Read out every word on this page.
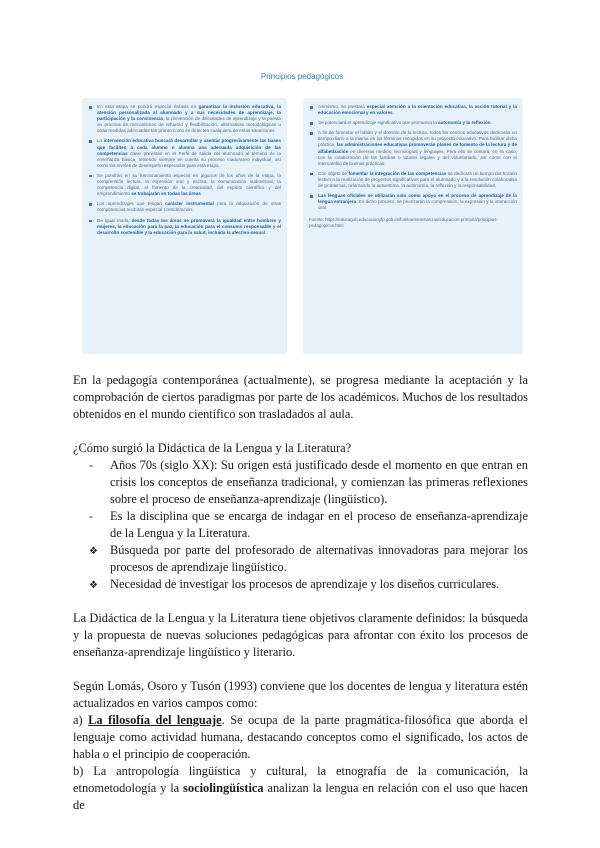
Principios pedagógicos
En esta etapa se pondrá especial énfasis en garantizar la inclusión educativa, la atención personalizada al alumnado y a sus necesidades de aprendizaje, la participación y la convivencia, la prevención de dificultades de aprendizaje y la puesta en práctica de mecanismos de refuerzo y flexibilización, alternativas metodológicas u otras medidas adecuadas tan pronto como se detecten cualquiera de estas situaciones.
La intervención educativa buscará desarrollar y asentar progresivamente las bases que faciliten a cada alumno o alumna una adecuada adquisición de las competencias clave previstas en el Perfil de salida del alumnado al término de la enseñanza básica, teniendo siempre en cuenta su proceso madurativo individual, así como los niveles de desempeño esperados para esta etapa.
Se pondrán en su funcionamiento especial en algunos de los años de la etapa, la comprensión lectora, la expresión oral y escrita, la comunicación audiovisual, la competencia digital, el fomento de la creatividad, del espíritu científico y del emprendimiento se trabajarán en todas las áreas.
Los aprendizajes que tengan carácter instrumental para la adquisición de otras competencias recibirán especial consideración.
De igual modo, desde todas las áreas se promoverá la igualdad entre hombres y mujeres, la educación para la paz, la educación para el consumo responsable y el desarrollo sostenible y la educación para la salud, incluida la afectivo-sexual.
Asimismo, se prestará especial atención a la orientación educativa, la acción tutorial y la educación emocional y en valores.
Se potenciará el aprendizaje significativo que promueva la autonomía y la reflexión.
A fin de fomentar el hábito y el dominio de la lectura, todos los centros educativos dedicarán un tiempo diario a la misma en los términos recogidos en su proyecto educativo. Para facilitar dicha práctica, las administraciones educativas promoverán planes de fomento de la lectura y de alfabetización en diversos medios, tecnologías y lenguajes. Para ello se contará, en su caso, con la colaboración de las familias o tutores legales y del voluntariado, así como con el intercambio de buenas prácticas.
Con objeto de fomentar la integración de las competencias se dedicará un tiempo del horario lectivo a la realización de proyectos significativos para el alumnado y a la resolución colaborativa de problemas, reforzando la autoestima, la autonomía, la reflexión y la responsabilidad.
Las lenguas oficiales se utilizarán solo como apoyo en el proceso de aprendizaje de la lengua extranjera. En dicho proceso, se priorizarán la comprensión, la expresión y la interacción oral.
Fuente: https://educagob.educacionyfp.gob.es/lomloe/ensenanzas/educacion-primaria/principios-pedagogicos.html

En la pedagogía contemporánea (actualmente), se progresa mediante la aceptación y la comprobación de ciertos paradigmas por parte de los académicos. Muchos de los resultados obtenidos en el mundo científico son trasladados al aula.

¿Cómo surgió la Didáctica de la Lengua y la Literatura?

- Años 70s (siglo XX): Su origen está justificado desde el momento en que entran en crisis los conceptos de enseñanza tradicional, y comienzan las primeras reflexiones sobre el proceso de enseñanza-aprendizaje (lingüístico).
- Es la disciplina que se encarga de indagar en el proceso de enseñanza-aprendizaje de la Lengua y la Literatura.
❖ Búsqueda por parte del profesorado de alternativas innovadoras para mejorar los procesos de aprendizaje lingüístico.
❖ Necesidad de investigar los procesos de aprendizaje y los diseños curriculares.

La Didáctica de la Lengua y la Literatura tiene objetivos claramente definidos: la búsqueda y la propuesta de nuevas soluciones pedagógicas para afrontar con éxito los procesos de enseñanza-aprendizaje lingüístico y literario.

Según Lomás, Osoro y Tusón (1993) conviene que los docentes de lengua y literatura estén actualizados en varios campos como:

a) La filosofía del lenguaje. Se ocupa de la parte pragmática-filosófica que aborda el lenguaje como actividad humana, destacando conceptos como el significado, los actos de habla o el principio de cooperación.

b) La antropología lingüística y cultural, la etnografía de la comunicación, la etnometodología y la sociolingüística analizan la lengua en relación con el uso que hacen de
